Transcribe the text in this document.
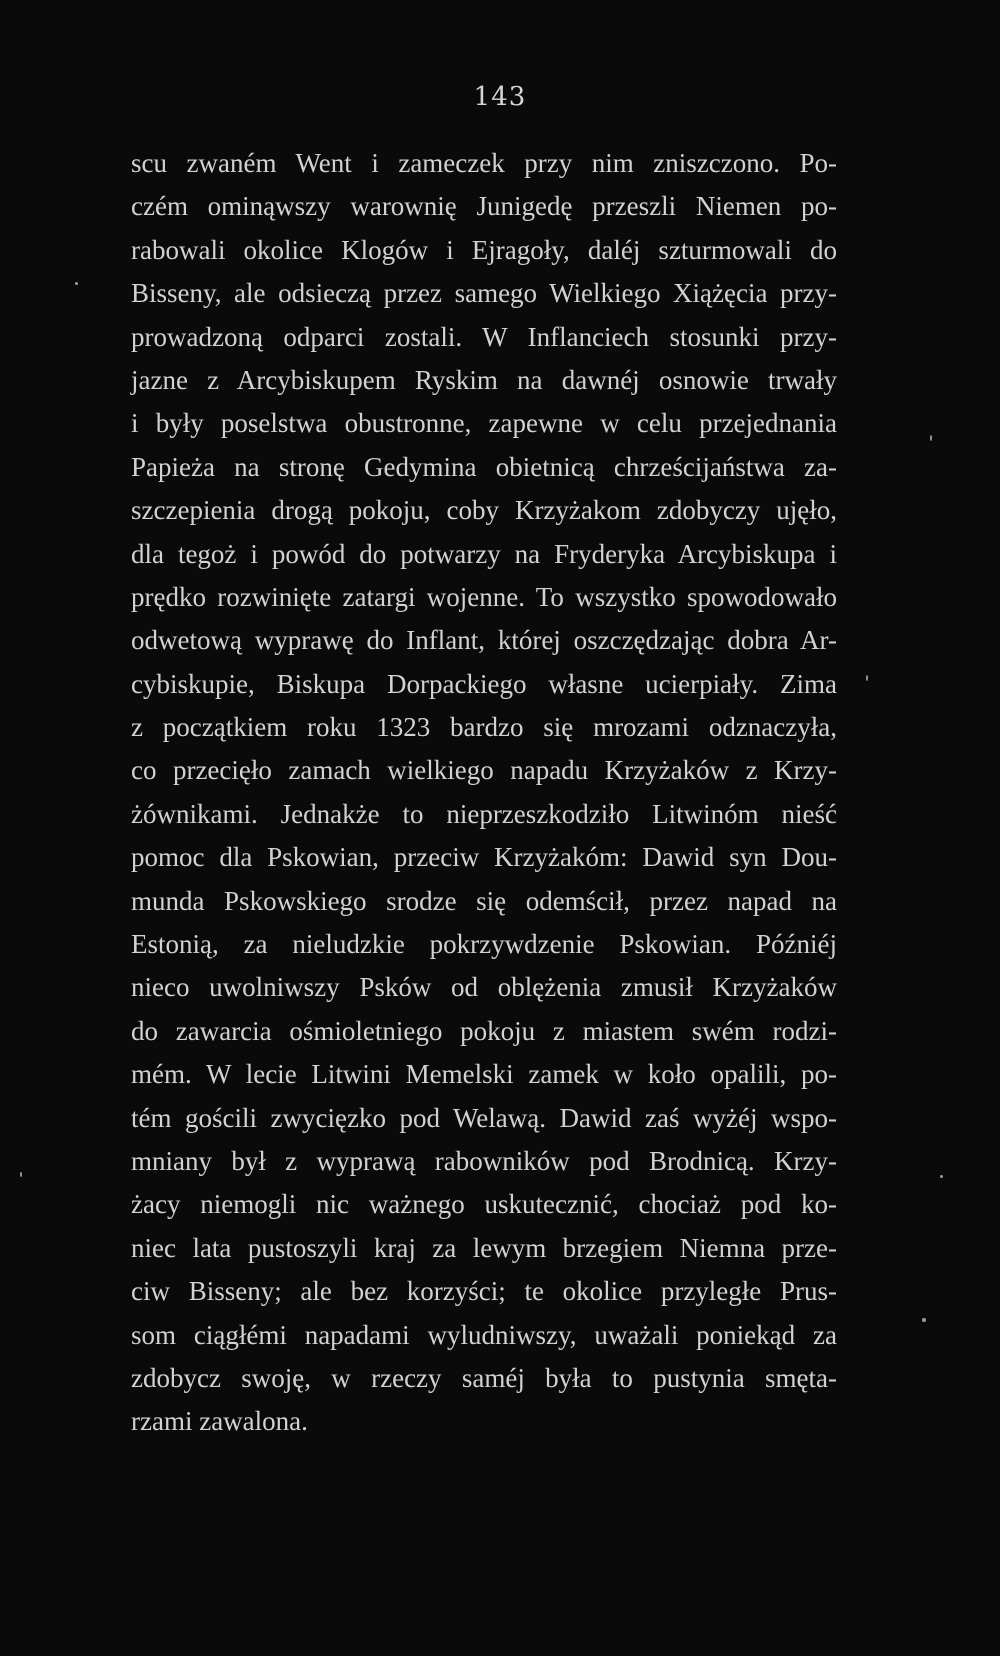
143
scu zwaném Went i zameczek przy nim zniszczono. Po-
czém ominąwszy warownię Junigedę przeszli Niemen po-
rabowali okolice Klogów i Ejragoły, daléj szturmowali do
Bisseny, ale odsieczą przez samego Wielkiego Xiążęcia przy-
prowadzoną odparci zostali. W Inflanciech stosunki przy-
jazne z Arcybiskupem Ryskim na dawnéj osnowie trwały
i były poselstwa obustronne, zapewne w celu przejednania
Papieża na stronę Gedymina obietnicą chrześcijaństwa za-
szczepienia drogą pokoju, coby Krzyżakom zdobyczy ujęło,
dla tegoż i powód do potwarzy na Fryderyka Arcybiskupa i
prędko rozwinięte zatargi wojenne. To wszystko spowodowało
odwetową wyprawę do Inflant, której oszczędzając dobra Ar-
cybiskupie, Biskupa Dorpackiego własne ucierpiały. Zima
z początkiem roku 1323 bardzo się mrozami odznaczyła,
co przecięło zamach wielkiego napadu Krzyżaków z Krzy-
żównikami. Jednakże to nieprzeszkodziło Litwinóm nieść
pomoc dla Pskowian, przeciw Krzyżakóm: Dawid syn Dou-
munda Pskowskiego srodze się odemścił, przez napad na
Estonią, za nieludzkie pokrzywdzenie Pskowian. Późniéj
nieco uwolniwszy Psków od oblężenia zmusił Krzyżaków
do zawarcia ośmioletniego pokoju z miastem swém rodzi-
mém. W lecie Litwini Memelski zamek w koło opalili, po-
tém gościli zwycięzko pod Welawą. Dawid zaś wyżéj wspo-
mniany był z wyprawą rabowników pod Brodnicą. Krzy-
żacy niemogli nic ważnego uskutecznić, chociaż pod ko-
niec lata pustoszyli kraj za lewym brzegiem Niemna prze-
ciw Bisseny; ale bez korzyści; te okolice przyległe Prus-
som ciągłémi napadami wyludniwszy, uważali poniekąd za
zdobycz swoję, w rzeczy saméj była to pustynia smęta-
rzami zawalona.
